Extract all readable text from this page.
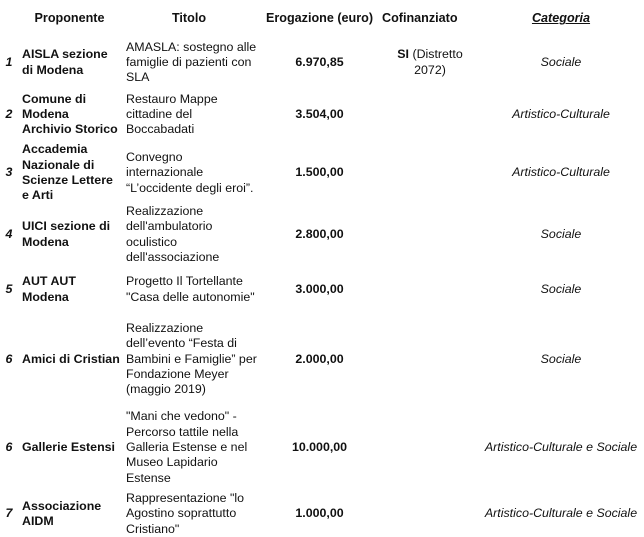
	Proponente	Titolo	Erogazione (euro)	Cofinanziato	Categoria
1	AISLA sezione di Modena	AMASLA: sostegno alle famiglie di pazienti con SLA	6.970,85	SI (Distretto 2072)	Sociale
2	Comune di Modena Archivio Storico	Restauro Mappe cittadine del Boccabadati	3.504,00		Artistico-Culturale
3	Accademia Nazionale di Scienze Lettere e Arti	Convegno internazionale “L’occidente degli eroi”.	1.500,00		Artistico-Culturale
4	UICI sezione di Modena	Realizzazione dell'ambulatorio oculistico dell'associazione	2.800,00		Sociale
5	AUT AUT Modena	Progetto Il Tortellante "Casa delle autonomie"	3.000,00		Sociale
6	Amici di Cristian	Realizzazione dell’evento “Festa di Bambini e Famiglie” per Fondazione Meyer (maggio 2019)	2.000,00		Sociale
6	Gallerie Estensi	"Mani che vedono" - Percorso tattile nella Galleria Estense e nel Museo Lapidario Estense	10.000,00		Artistico-Culturale e Sociale
7	Associazione AIDM	Rappresentazione "lo Agostino soprattutto Cristiano"	1.000,00		Artistico-Culturale e Sociale
